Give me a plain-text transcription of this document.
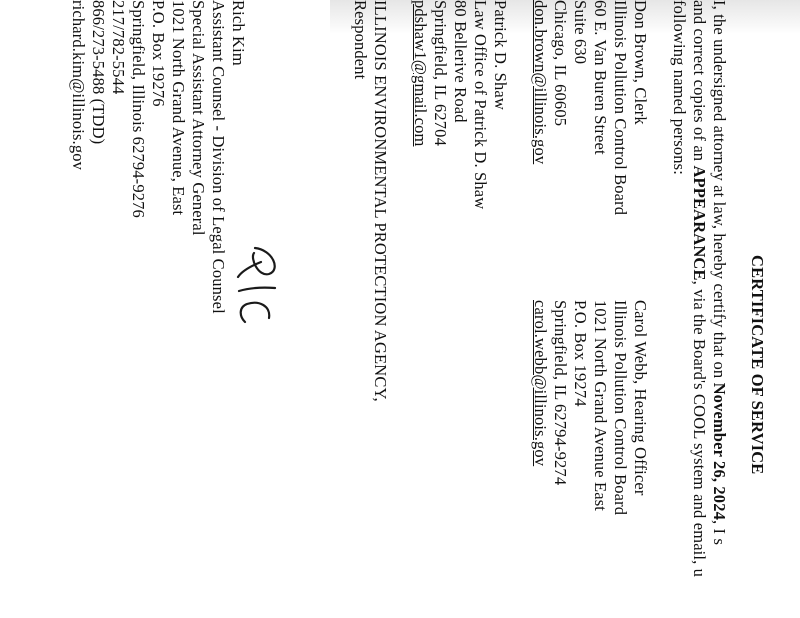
CERTIFICATE OF SERVICE
I, the undersigned attorney at law, hereby certify that on November 26, 2024, I s
and correct copies of an APPEARANCE, via the Board's COOL system and email, u
following named persons:
Don Brown, Clerk
Illinois Pollution Control Board
60 E. Van Buren Street
Suite 630
Chicago, IL 60605
don.brown@illinois.gov
Carol Webb, Hearing Officer
Illinois Pollution Control Board
1021 North Grand Avenue East
P.O. Box 19274
Springfield, IL 62794-9274
carol.webb@illinois.gov
Patrick D. Shaw
Law Office of Patrick D. Shaw
80 Bellerive Road
Springfield, IL 62704
pdshaw1@gmail.com
ILLINOIS ENVIRONMENTAL PROTECTION AGENCY,
Respondent
Rich Kim
Assistant Counsel - Division of Legal Counsel
Special Assistant Attorney General
1021 North Grand Avenue, East
P.O. Box 19276
Springfield, Illinois 62794-9276
217/782-5544
866/273-5488 (TDD)
richard.kim@illinois.gov
